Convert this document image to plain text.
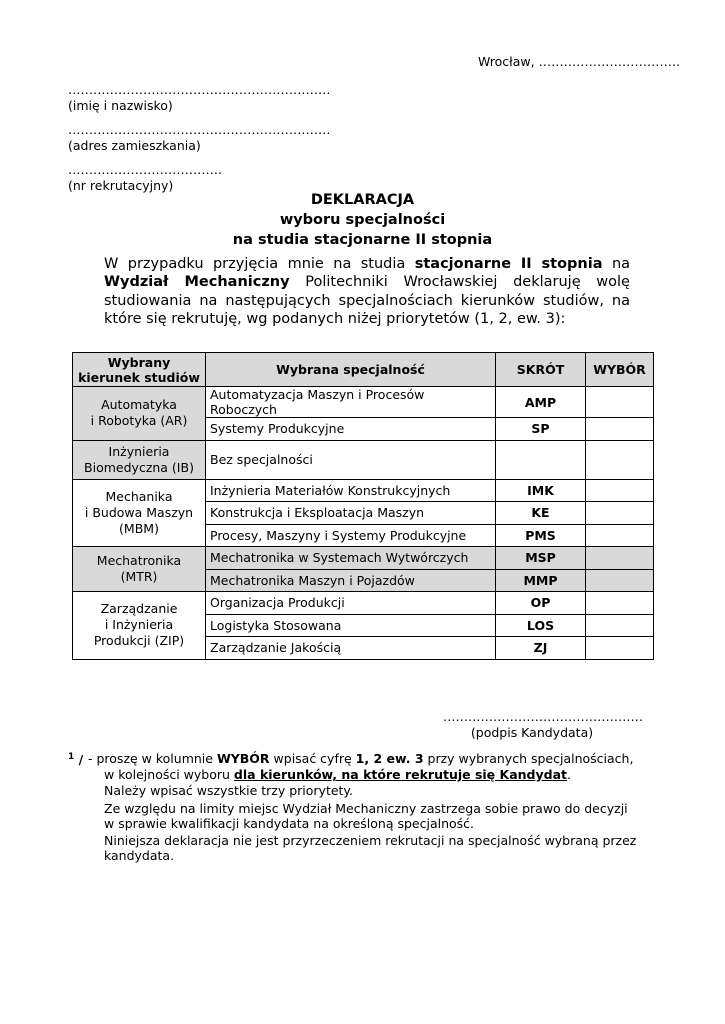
Wrocław, …………………………….
………………………………………………………
(imię i nazwisko)
………………………………………………………
(adres zamieszkania)
……………………………….
(nr rekrutacyjny)
DEKLARACJA
wyboru specjalności
na studia stacjonarne II stopnia
W przypadku przyjęcia mnie na studia stacjonarne II stopnia na Wydział Mechaniczny Politechniki Wrocławskiej deklaruję wolę studiowania na następujących specjalnościach kierunków studiów, na które się rekrutuję, wg podanych niżej priorytetów (1, 2, ew. 3):
Wybrany kierunek studiów	Wybrana specjalność	SKRÓT	WYBÓR
Automatyka
i Robotyka (AR)	Automatyzacja Maszyn i Procesów Roboczych	AMP	
	Systemy Produkcyjne	SP	
Inżynieria
Biomedyczna (IB)	Bez specjalności		
Mechanika
i Budowa Maszyn
(MBM)	Inżynieria Materiałów Konstrukcyjnych	IMK	
	Konstrukcja i Eksploatacja Maszyn	KE	
	Procesy, Maszyny i Systemy Produkcyjne	PMS	
Mechatronika (MTR)	Mechatronika w Systemach Wytwórczych	MSP	
	Mechatronika Maszyn i Pojazdów	MMP	
Zarządzanie
i Inżynieria
Produkcji (ZIP)	Organizacja Produkcji	OP	
	Logistyka Stosowana	LOS	
	Zarządzanie Jakością	ZJ	
…………………………………………
(podpis Kandydata)
$^1$ / - proszę w kolumnie WYBÓR wpisać cyfrę 1, 2 ew. 3 przy wybranych specjalnościach,
w kolejności wyboru dla kierunków, na które rekrutuje się Kandydat.
Należy wpisać wszystkie trzy priorytety.
Ze względu na limity miejsc Wydział Mechaniczny zastrzega sobie prawo do decyzji
w sprawie kwalifikacji kandydata na określoną specjalność.
Niniejsza deklaracja nie jest przyrzeczeniem rekrutacji na specjalność wybraną przez
kandydata.
